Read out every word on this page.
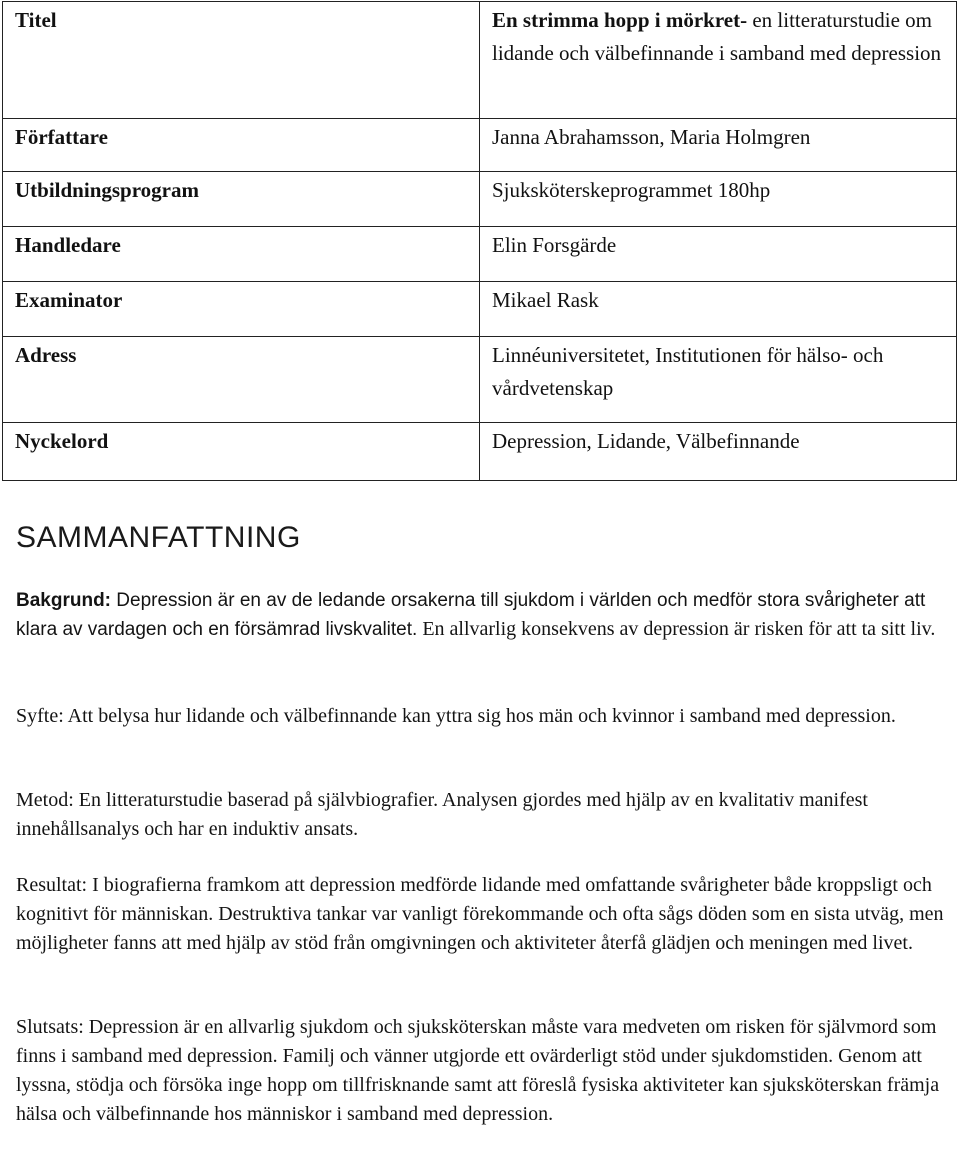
Titel	En strimma hopp i mörkret- en litteraturstudie om lidande och välbefinnande i samband med depression
Författare	Janna Abrahamsson, Maria Holmgren
Utbildningsprogram	Sjuksköterskeprogrammet 180hp
Handledare	Elin Forsgärde
Examinator	Mikael Rask
Adress	Linnéuniversitetet, Institutionen för hälso- och vårdvetenskap
Nyckelord	Depression, Lidande, Välbefinnande
SAMMANFATTNING
Bakgrund: Depression är en av de ledande orsakerna till sjukdom i världen och medför stora svårigheter att klara av vardagen och en försämrad livskvalitet. En allvarlig konsekvens av depression är risken för att ta sitt liv.
Syfte: Att belysa hur lidande och välbefinnande kan yttra sig hos män och kvinnor i samband med depression.
Metod: En litteraturstudie baserad på självbiografier. Analysen gjordes med hjälp av en kvalitativ manifest innehållsanalys och har en induktiv ansats.
Resultat: I biografierna framkom att depression medförde lidande med omfattande svårigheter både kroppsligt och kognitivt för människan. Destruktiva tankar var vanligt förekommande och ofta sågs döden som en sista utväg, men möjligheter fanns att med hjälp av stöd från omgivningen och aktiviteter återfå glädjen och meningen med livet.
Slutsats: Depression är en allvarlig sjukdom och sjuksköterskan måste vara medveten om risken för självmord som finns i samband med depression. Familj och vänner utgjorde ett ovärderligt stöd under sjukdomstiden. Genom att lyssna, stödja och försöka inge hopp om tillfrisknande samt att föreslå fysiska aktiviteter kan sjuksköterskan främja hälsa och välbefinnande hos människor i samband med depression.
